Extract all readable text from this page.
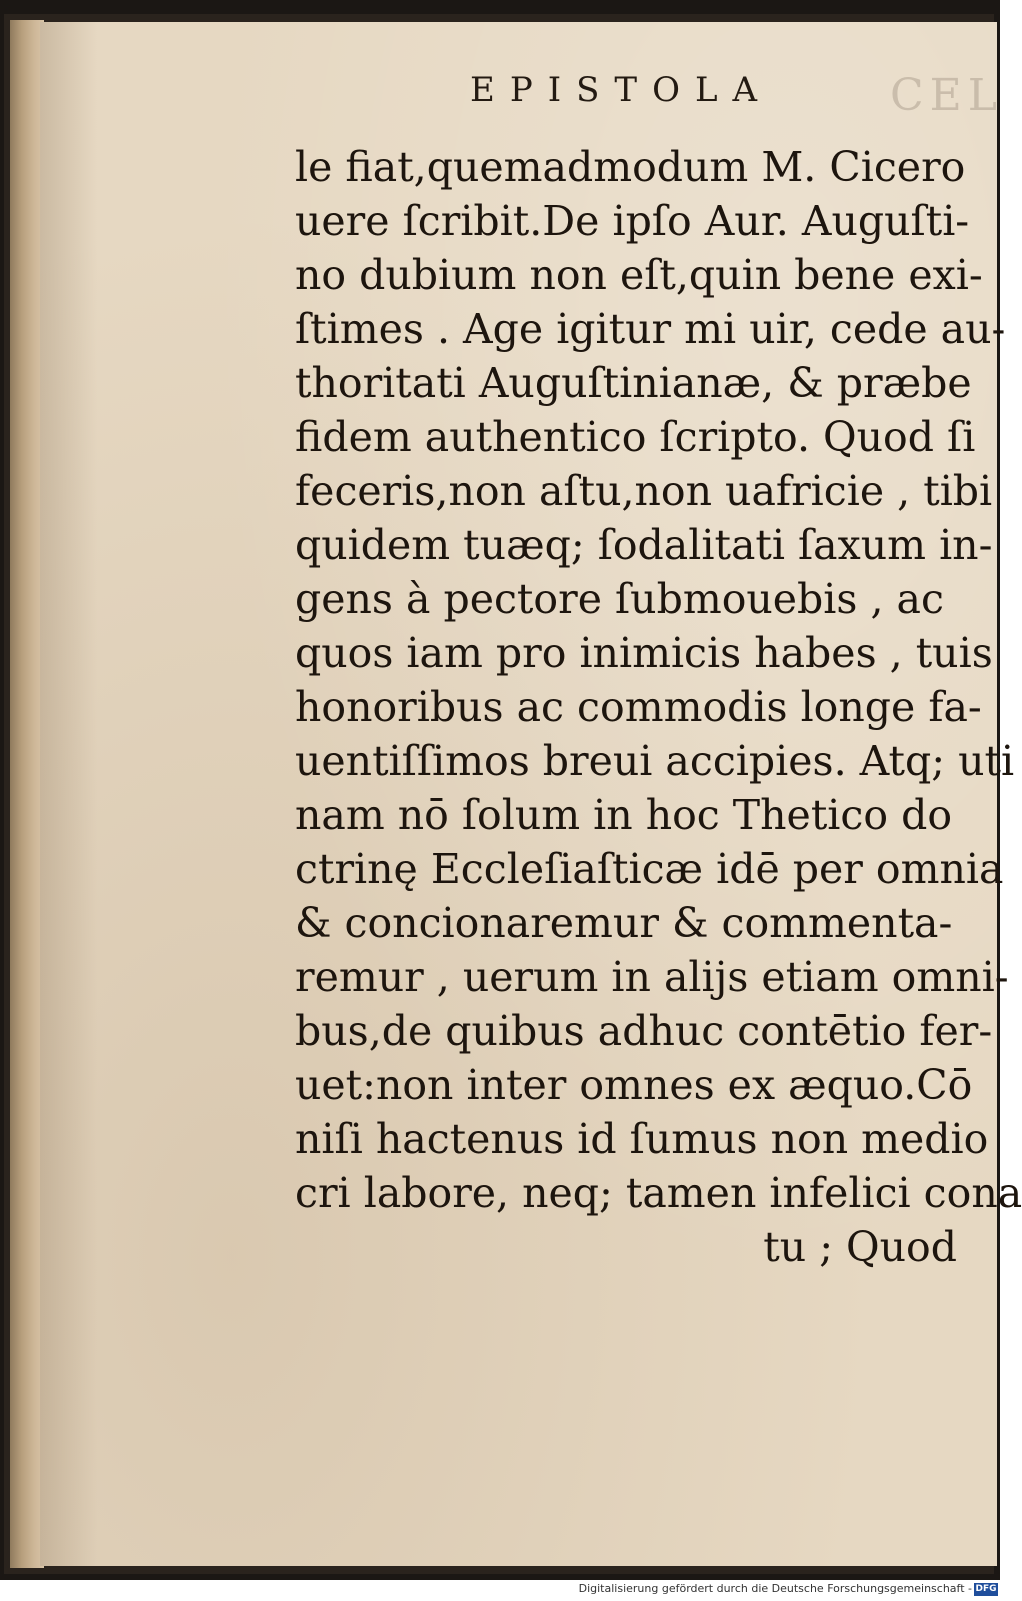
CEL
EPISTOLA
le fiat,quemadmodum M. Cicero
uere ſcribit.De ipſo Aur. Auguſti-
no dubium non eſt,quin bene exi-
ſtimes . Age igitur mi uir, cede au-
thoritati Auguſtinianæ, & præbe
fidem authentico ſcripto. Quod ſi
feceris,non aſtu,non uafricie , tibi
quidem tuæq; ſodalitati ſaxum in-
gens à pectore ſubmouebis , ac
quos iam pro inimicis habes , tuis
honoribus ac commodis longe fa-
uentiſſimos breui accipies. Atq; uti
nam nō ſolum in hoc Thetico do
ctrinę Eccleſiaſticæ idē per omnia
& concionaremur & commenta-
remur , uerum in alijs etiam omni-
bus,de quibus adhuc contētio fer-
uet:non inter omnes ex æquo.Cō
niſi hactenus id ſumus non medio
cri labore, neq; tamen infelici cona
tu ; Quod
Digitalisierung gefördert durch die Deutsche Forschungsgemeinschaft - DFG
